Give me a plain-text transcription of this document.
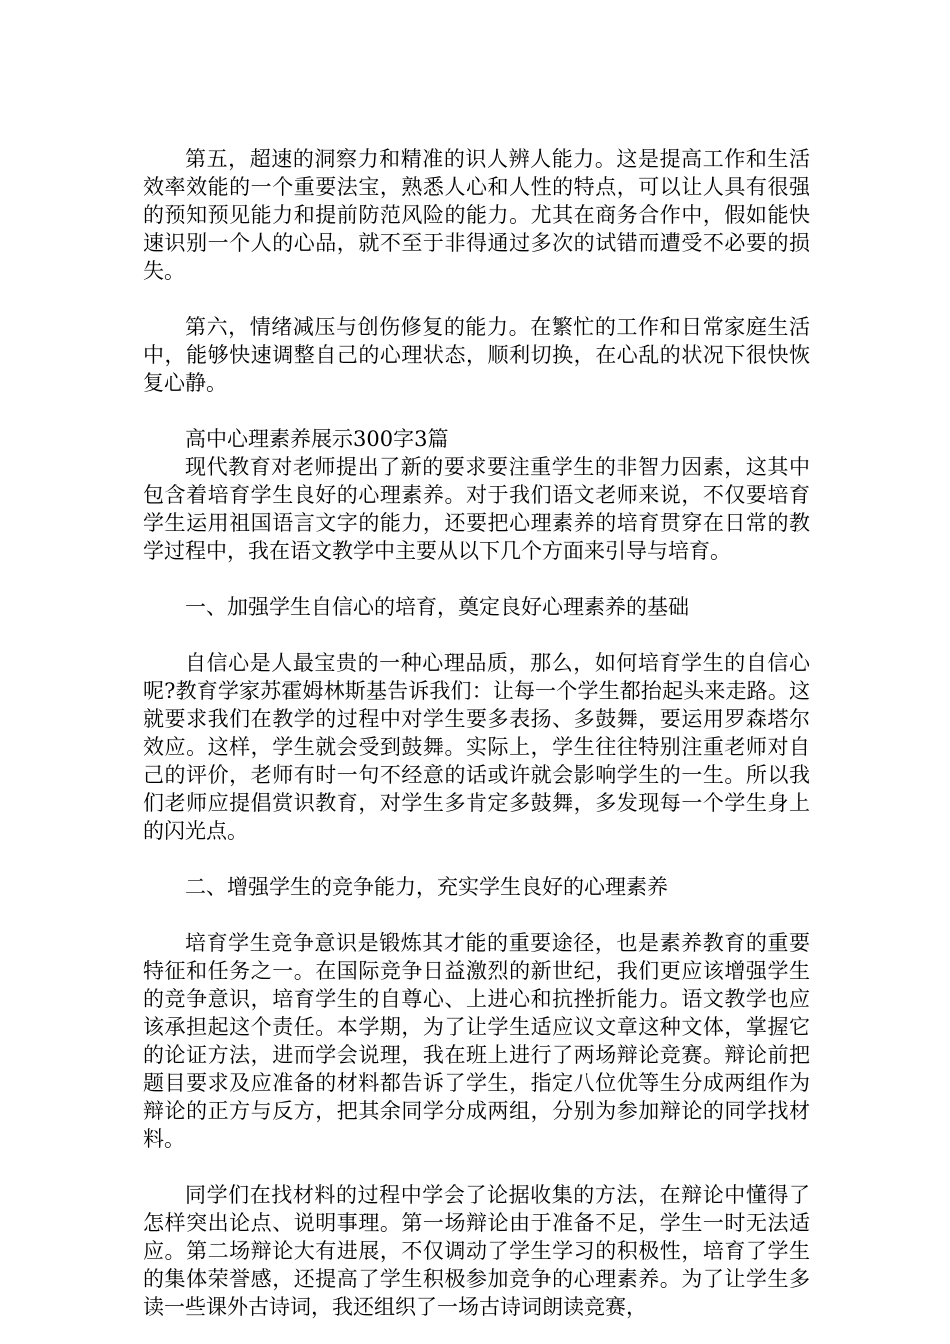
第五，超速的洞察力和精准的识人辨人能力。这是提高工作和生活效率效能的一个重要法宝，熟悉人心和人性的特点，可以让人具有很强的预知预见能力和提前防范风险的能力。尤其在商务合作中，假如能快速识别一个人的心品，就不至于非得通过多次的试错而遭受不必要的损失。

第六，情绪减压与创伤修复的能力。在繁忙的工作和日常家庭生活中，能够快速调整自己的心理状态，顺利切换，在心乱的状况下很快恢复心静。

高中心理素养展示300字3篇

现代教育对老师提出了新的要求要注重学生的非智力因素，这其中包含着培育学生良好的心理素养。对于我们语文老师来说，不仅要培育学生运用祖国语言文字的能力，还要把心理素养的培育贯穿在日常的教学过程中，我在语文教学中主要从以下几个方面来引导与培育。

一、加强学生自信心的培育，奠定良好心理素养的基础

自信心是人最宝贵的一种心理品质，那么，如何培育学生的自信心呢?教育学家苏霍姆林斯基告诉我们：让每一个学生都抬起头来走路。这就要求我们在教学的过程中对学生要多表扬、多鼓舞，要运用罗森塔尔效应。这样，学生就会受到鼓舞。实际上，学生往往特别注重老师对自己的评价，老师有时一句不经意的话或许就会影响学生的一生。所以我们老师应提倡赏识教育，对学生多肯定多鼓舞，多发现每一个学生身上的闪光点。

二、增强学生的竞争能力，充实学生良好的心理素养

培育学生竞争意识是锻炼其才能的重要途径，也是素养教育的重要特征和任务之一。在国际竞争日益激烈的新世纪，我们更应该增强学生的竞争意识，培育学生的自尊心、上进心和抗挫折能力。语文教学也应该承担起这个责任。本学期，为了让学生适应议文章这种文体，掌握它的论证方法，进而学会说理，我在班上进行了两场辩论竞赛。辩论前把题目要求及应准备的材料都告诉了学生，指定八位优等生分成两组作为辩论的正方与反方，把其余同学分成两组，分别为参加辩论的同学找材料。

同学们在找材料的过程中学会了论据收集的方法，在辩论中懂得了怎样突出论点、说明事理。第一场辩论由于准备不足，学生一时无法适应。第二场辩论大有进展，不仅调动了学生学习的积极性，培育了学生的集体荣誉感，还提高了学生积极参加竞争的心理素养。为了让学生多读一些课外古诗词，我还组织了一场古诗词朗读竞赛，
